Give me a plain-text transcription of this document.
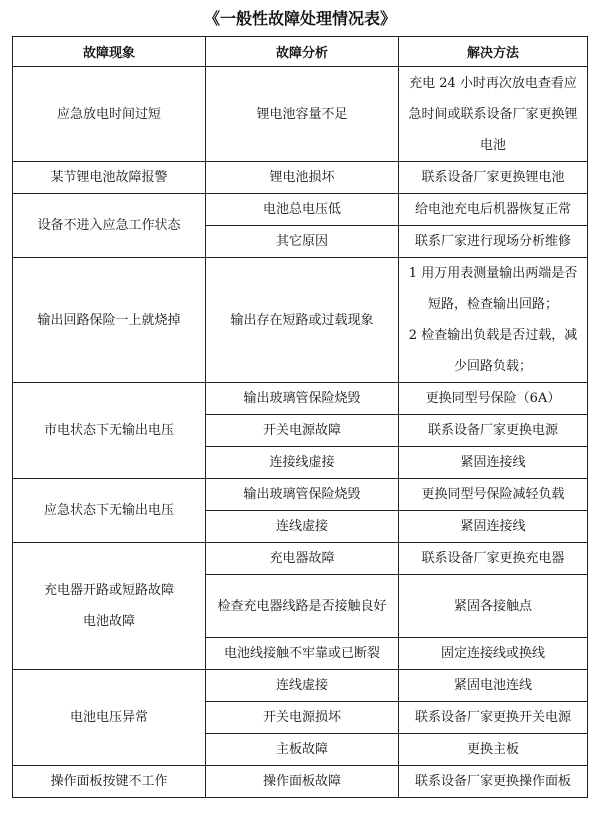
《一般性故障处理情况表》
故障现象	故障分析	解决方法
应急放电时间过短	锂电池容量不足	充电 24 小时再次放电查看应急时间或联系设备厂家更换锂电池
某节锂电池故障报警	锂电池损坏	联系设备厂家更换锂电池
设备不进入应急工作状态	电池总电压低	给电池充电后机器恢复正常
	其它原因	联系厂家进行现场分析维修
输出回路保险一上就烧掉	输出存在短路或过载现象	1 用万用表测量输出两端是否短路，检查输出回路；
2 检查输出负载是否过载，减少回路负载；

市电状态下无输出电压	输出玻璃管保险烧毁	更换同型号保险（6A）
	开关电源故障	联系设备厂家更换电源
	连接线虚接	紧固连接线
应急状态下无输出电压	输出玻璃管保险烧毁	更换同型号保险减轻负载
	连线虚接	紧固连接线

充电器开路或短路故障
电池故障	充电器故障	联系设备厂家更换充电器
	检查充电器线路是否接触良好	紧固各接触点
	电池线接触不牢靠或已断裂	固定连接线或换线
电池电压异常	连线虚接	紧固电池连线
	开关电源损坏	联系设备厂家更换开关电源
	主板故障	更换主板
操作面板按键不工作	操作面板故障	联系设备厂家更换操作面板
